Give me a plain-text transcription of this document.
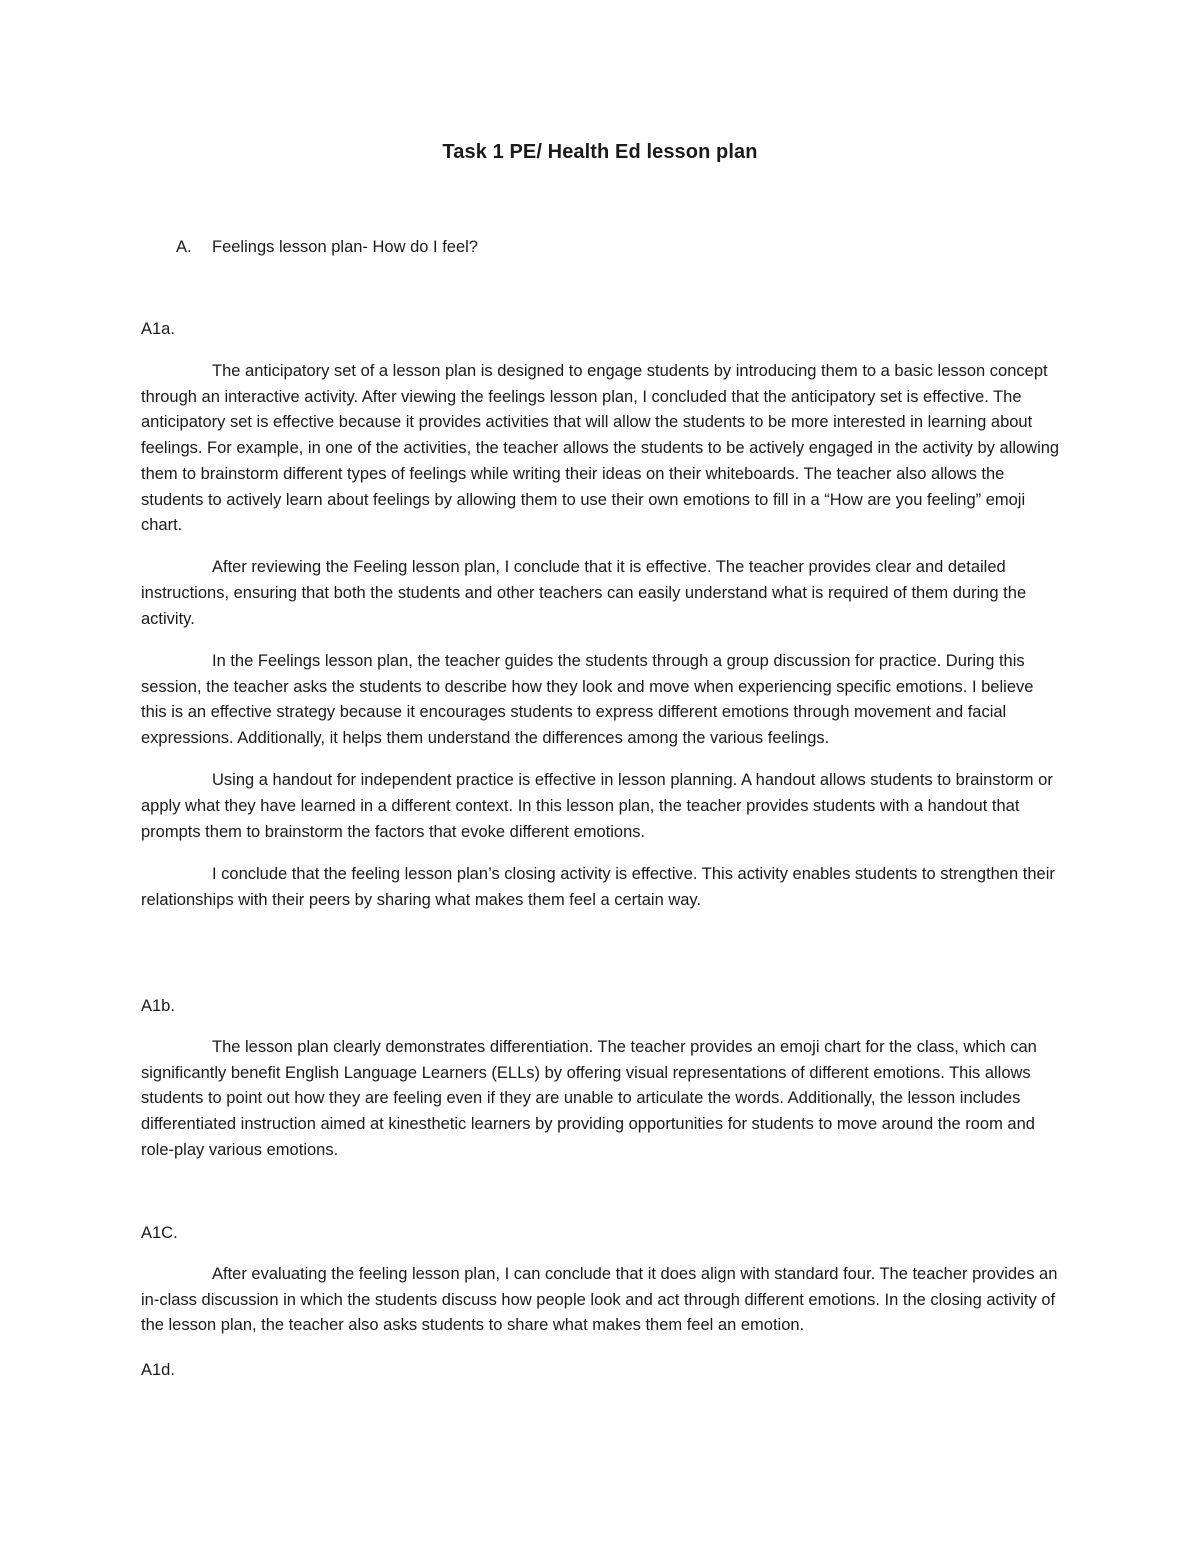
Task 1 PE/ Health Ed lesson plan
A. Feelings lesson plan- How do I feel?
A1a.

The anticipatory set of a lesson plan is designed to engage students by introducing them to a basic lesson concept through an interactive activity. After viewing the feelings lesson plan, I concluded that the anticipatory set is effective. The anticipatory set is effective because it provides activities that will allow the students to be more interested in learning about feelings. For example, in one of the activities, the teacher allows the students to be actively engaged in the activity by allowing them to brainstorm different types of feelings while writing their ideas on their whiteboards. The teacher also allows the students to actively learn about feelings by allowing them to use their own emotions to fill in a “How are you feeling” emoji chart.

After reviewing the Feeling lesson plan, I conclude that it is effective. The teacher provides clear and detailed instructions, ensuring that both the students and other teachers can easily understand what is required of them during the activity.

In the Feelings lesson plan, the teacher guides the students through a group discussion for practice. During this session, the teacher asks the students to describe how they look and move when experiencing specific emotions. I believe this is an effective strategy because it encourages students to express different emotions through movement and facial expressions. Additionally, it helps them understand the differences among the various feelings.

Using a handout for independent practice is effective in lesson planning. A handout allows students to brainstorm or apply what they have learned in a different context. In this lesson plan, the teacher provides students with a handout that prompts them to brainstorm the factors that evoke different emotions.

I conclude that the feeling lesson plan’s closing activity is effective. This activity enables students to strengthen their relationships with their peers by sharing what makes them feel a certain way.

A1b.

The lesson plan clearly demonstrates differentiation. The teacher provides an emoji chart for the class, which can significantly benefit English Language Learners (ELLs) by offering visual representations of different emotions. This allows students to point out how they are feeling even if they are unable to articulate the words. Additionally, the lesson includes differentiated instruction aimed at kinesthetic learners by providing opportunities for students to move around the room and role-play various emotions.

A1C.

After evaluating the feeling lesson plan, I can conclude that it does align with standard four. The teacher provides an in-class discussion in which the students discuss how people look and act through different emotions. In the closing activity of the lesson plan, the teacher also asks students to share what makes them feel an emotion.

A1d.
